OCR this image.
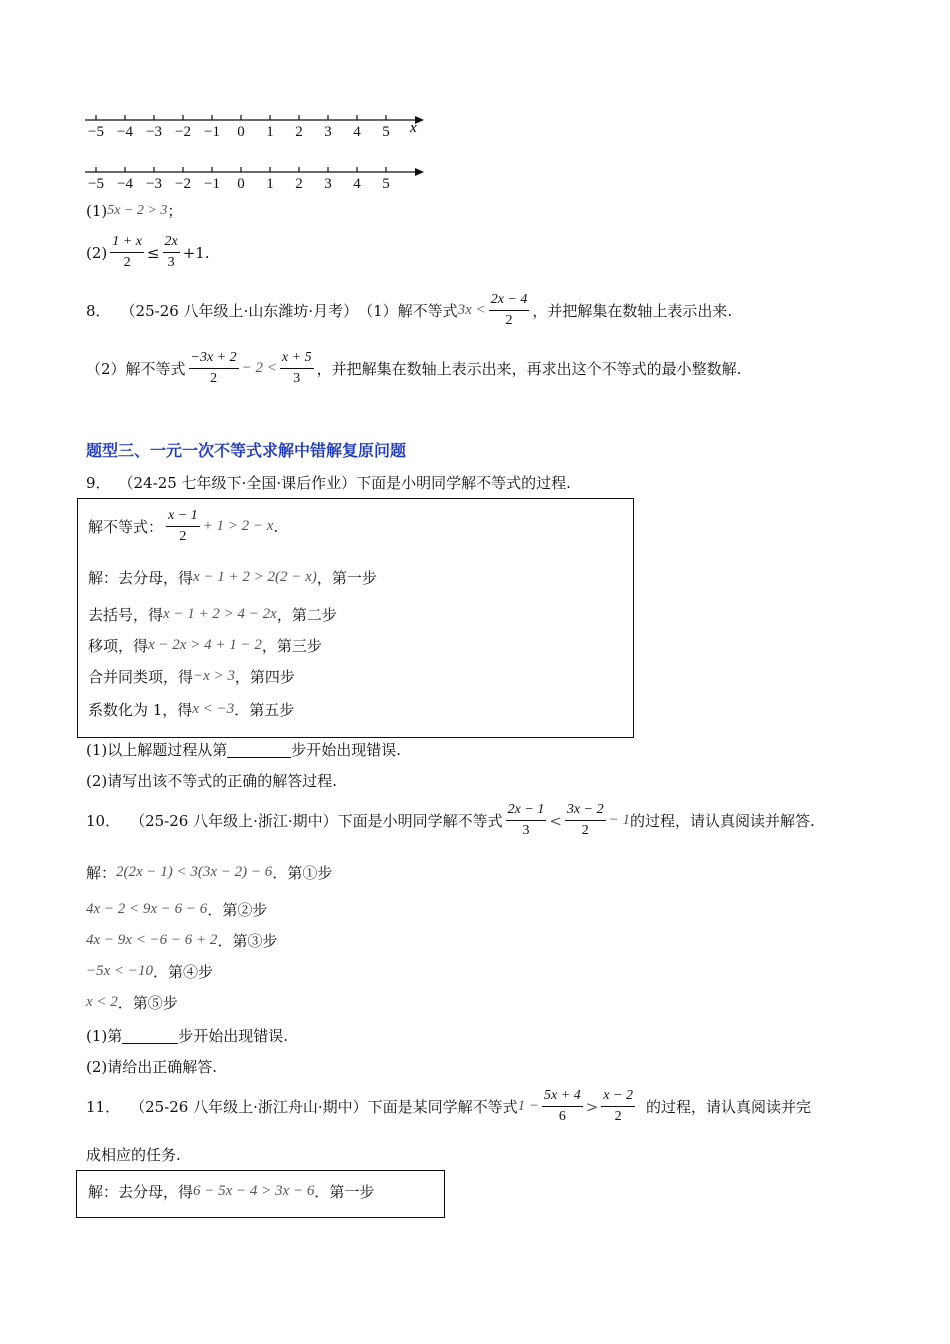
−5 −4 −3 −2 −1 0 1 2 3 4 5 x
−5 −4 −3 −2 −1 0 1 2 3 4 5
(1) 5x − 2 > 3 ；
$(2) \frac{1 + x}{2} \le \frac{2x}{3} +1$ .
8． （25-26 八年级上·山东潍坊·月考） （1）解不等式 $3x < \frac{2x - 4}{2}$ ，并把解集在数轴上表示出来.
（2）解不等式 $\frac{-3x + 2}{2} - 2 < \frac{x + 5}{3}$ ，并把解集在数轴上表示出来，再求出这个不等式的最小整数解.
题型三、一元一次不等式求解中错解复原问题
9． （24-25 七年级下·全国·课后作业） 下面是小明同学解不等式的过程.
解不等式： $\frac{x - 1}{2} + 1 > 2 - x$ .
解：去分母，得 x − 1 + 2 > 2(2 − x) ，第一步
去括号，得 x − 1 + 2 > 4 − 2x ，第二步
移项，得 x − 2x > 4 + 1 − 2 ，第三步
合并同类项，得 −x > 3 ，第四步
系数化为 1，得 x < −3 ．第五步
(1)以上解题过程从第	步开始出现错误.
(2)请写出该不等式的正确的解答过程.
10． （25-26 八年级上·浙江·期中） 下面是小明同学解不等式 $\frac{2x - 1}{3} < \frac{3x - 2}{2} - 1$ 的过程，请认真阅读并解答.
解： 2(2x − 1) < 3(3x − 2) − 6 ．第①步
4x − 2 < 9x − 6 − 6 ．第②步
4x − 9x < −6 − 6 + 2 ．第③步
−5x < −10 ．第④步
x < 2 ．第⑤步
(1)第	步开始出现错误.
(2)请给出正确解答.
11． （25-26 八年级上·浙江舟山·期中） 下面是某同学解不等式 $1 - \frac{5x + 4}{6} > \frac{x - 2}{2}$ 的过程，请认真阅读并完
成相应的任务.
解：去分母，得 6 − 5x − 4 > 3x − 6 ．第一步
